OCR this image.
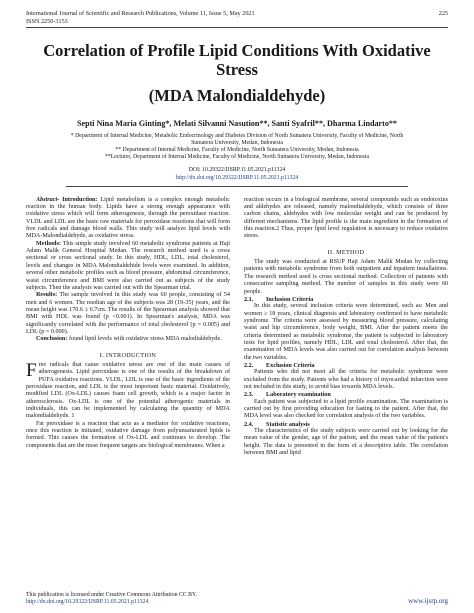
International Journal of Scientific and Research Publications, Volume 11, Issue 5, May 2021
ISSN 2250-3153
225
Correlation of Profile Lipid Conditions With Oxidative
Stress
(MDA Malondialdehyde)
Septi Nina Maria Ginting*, Melati Silvanni Nasution**, Santi Syafril**, Dharma Lindarto**
* Department of Internal Medicine, Metabolic Endocrinology and Diabetes Division of North Sumatera University, Faculty of Medicine, North
Sumatera University, Medan, Indonesia
** Department of Internal Medicine, Faculty of Medicine, North Sumatera University, Medan, Indonesia
**Lecturer, Department of Internal Medicine, Faculty of Medicine, North Sumatera University, Medan, Indonesia
DOI: 10.29322/IJSRP.11.05.2021.p11324
http://dx.doi.org/10.29322/IJSRP.11.05.2021.p11324

Abstract- Introduction: Lipid metabolism is a complex enough metabolic reaction in the human body. Lipids have a strong enough appearance with oxidative stress which will form atherogenesis, through the peroxidase reaction. VLDL and LDL are the basic raw materials for peroxidase reactions that will form free radicals and damage blood walls. This study will analyze lipid levels with MDA-Malondialdehyde, as oxidative stress.

Methods: This simple study involved 60 metabolic syndrome patients at Haji Adam Malik General Hospital Medan. The research method used is a cross sectional or cross sectional study. In this study, HDL, LDL, total cholesterol, levels and changes in MDA Malondialdehide levels were examined. In addition, several other metabolic profiles such as blood pressure, abdominal circumference, waist circumference and BMI were also carried out as subjects of the study subjects. Then the analysis was carried out with the Spearman trial.

Results: The sample involved in this study was 60 people, consisting of 54 men and 6 women. The median age of the subjects was 28 (19-35) years, and the mean height was 170.6 ± 6.7cm. The results of the Spearman analysis showed that BMI with HDL was found (p <0.001). In Spearman's analysis, MDA was significantly correlated with the performance of total cholesterol (p = 0.005) and LDL (p = 0.009).

Conclusion: found lipid levels with oxidative stress MDA malodialdehyde.

I. INTRODUCTION

Free radicals that cause oxidative stress are one of the main causes of atherogenesis. Lipid peroxidase is one of the results of the breakdown of PUFA oxidative reactions. VLDL, LDL is one of the basic ingredients of the peroxidase reaction, and LDL is the most important basic material. Oxidatively, modified LDL (Ox-LDL) causes foam cell growth, which is a major factor in atherosclerosis. Ox-LDL is one of the potential atherogenic materials in individuals, this can be implemented by calculating the quantity of MDA malondialdehyde. 1

Fat peroxidase is a reaction that acts as a mediator for oxidative reactions, once this reaction is initiated, oxidative damage from polyunsaturated lipids is formed. This causes the formation of Ox-LDL and continues to develop. The components that are the most frequent targets are biological membranes. When a

reaction occurs in a biological membrane, several compounds such as endotoxins and aldehydes are released, namely malondialdehyde, which consists of three carbon chains, aldehydes with low molecular weight and can be produced by different mechanisms. The lipid profile is the main ingredient in the formation of this reaction.2 Thus, proper lipid level regulation is necessary to reduce oxidative stress.

II. METHOD

The study was conducted at RSUP Haji Adam Malik Medan by collecting patients with metabolic syndrome from both outpatient and inpatient installations. The research method used is cross sectional method. Collection of patients with consecutive sampling method. The number of samples in this study were 60 people.

2.1. Inclusion Criteria

In this study, several inclusion criteria were determined, such as: Men and women ≥ 18 years, clinical diagnosis and laboratory confirmed to have metabolic syndrome. The criteria were assessed by measuring blood pressure, calculating waist and hip circumference, body weight, BMI. After the patient meets the criteria determined as metabolic syndrome, the patient is subjected to laboratory tests for lipid profiles, namely HDL, LDL and total cholesterol. After that, the examination of MDA levels was also carried out for correlation analysis between the two variables.

2.2. Exclusion Criteria

Patients who did not meet all the criteria for metabolic syndrome were excluded from the study. Patients who had a history of myocardial infarction were not included in this study, to avoid bias towards MDA levels.

2.3. Laboratory examination

Each patient was subjected to a lipid profile examination. The examination is carried out by first providing education for fasting to the patient. After that, the MDA level was also checked for correlation analysis of the two variables.

2.4. Statistic analysis

The characteristics of the study subjects were carried out by looking for the mean value of the gender, age of the patient, and the mean value of the patient's height. The data is presented in the form of a descriptive table. The correlation between BMI and lipid

This publication is licensed under Creative Commons Attribution CC BY.
http://dx.doi.org/10.29322/IJSRP.11.05.2021.p11324	www.ijsrp.org
